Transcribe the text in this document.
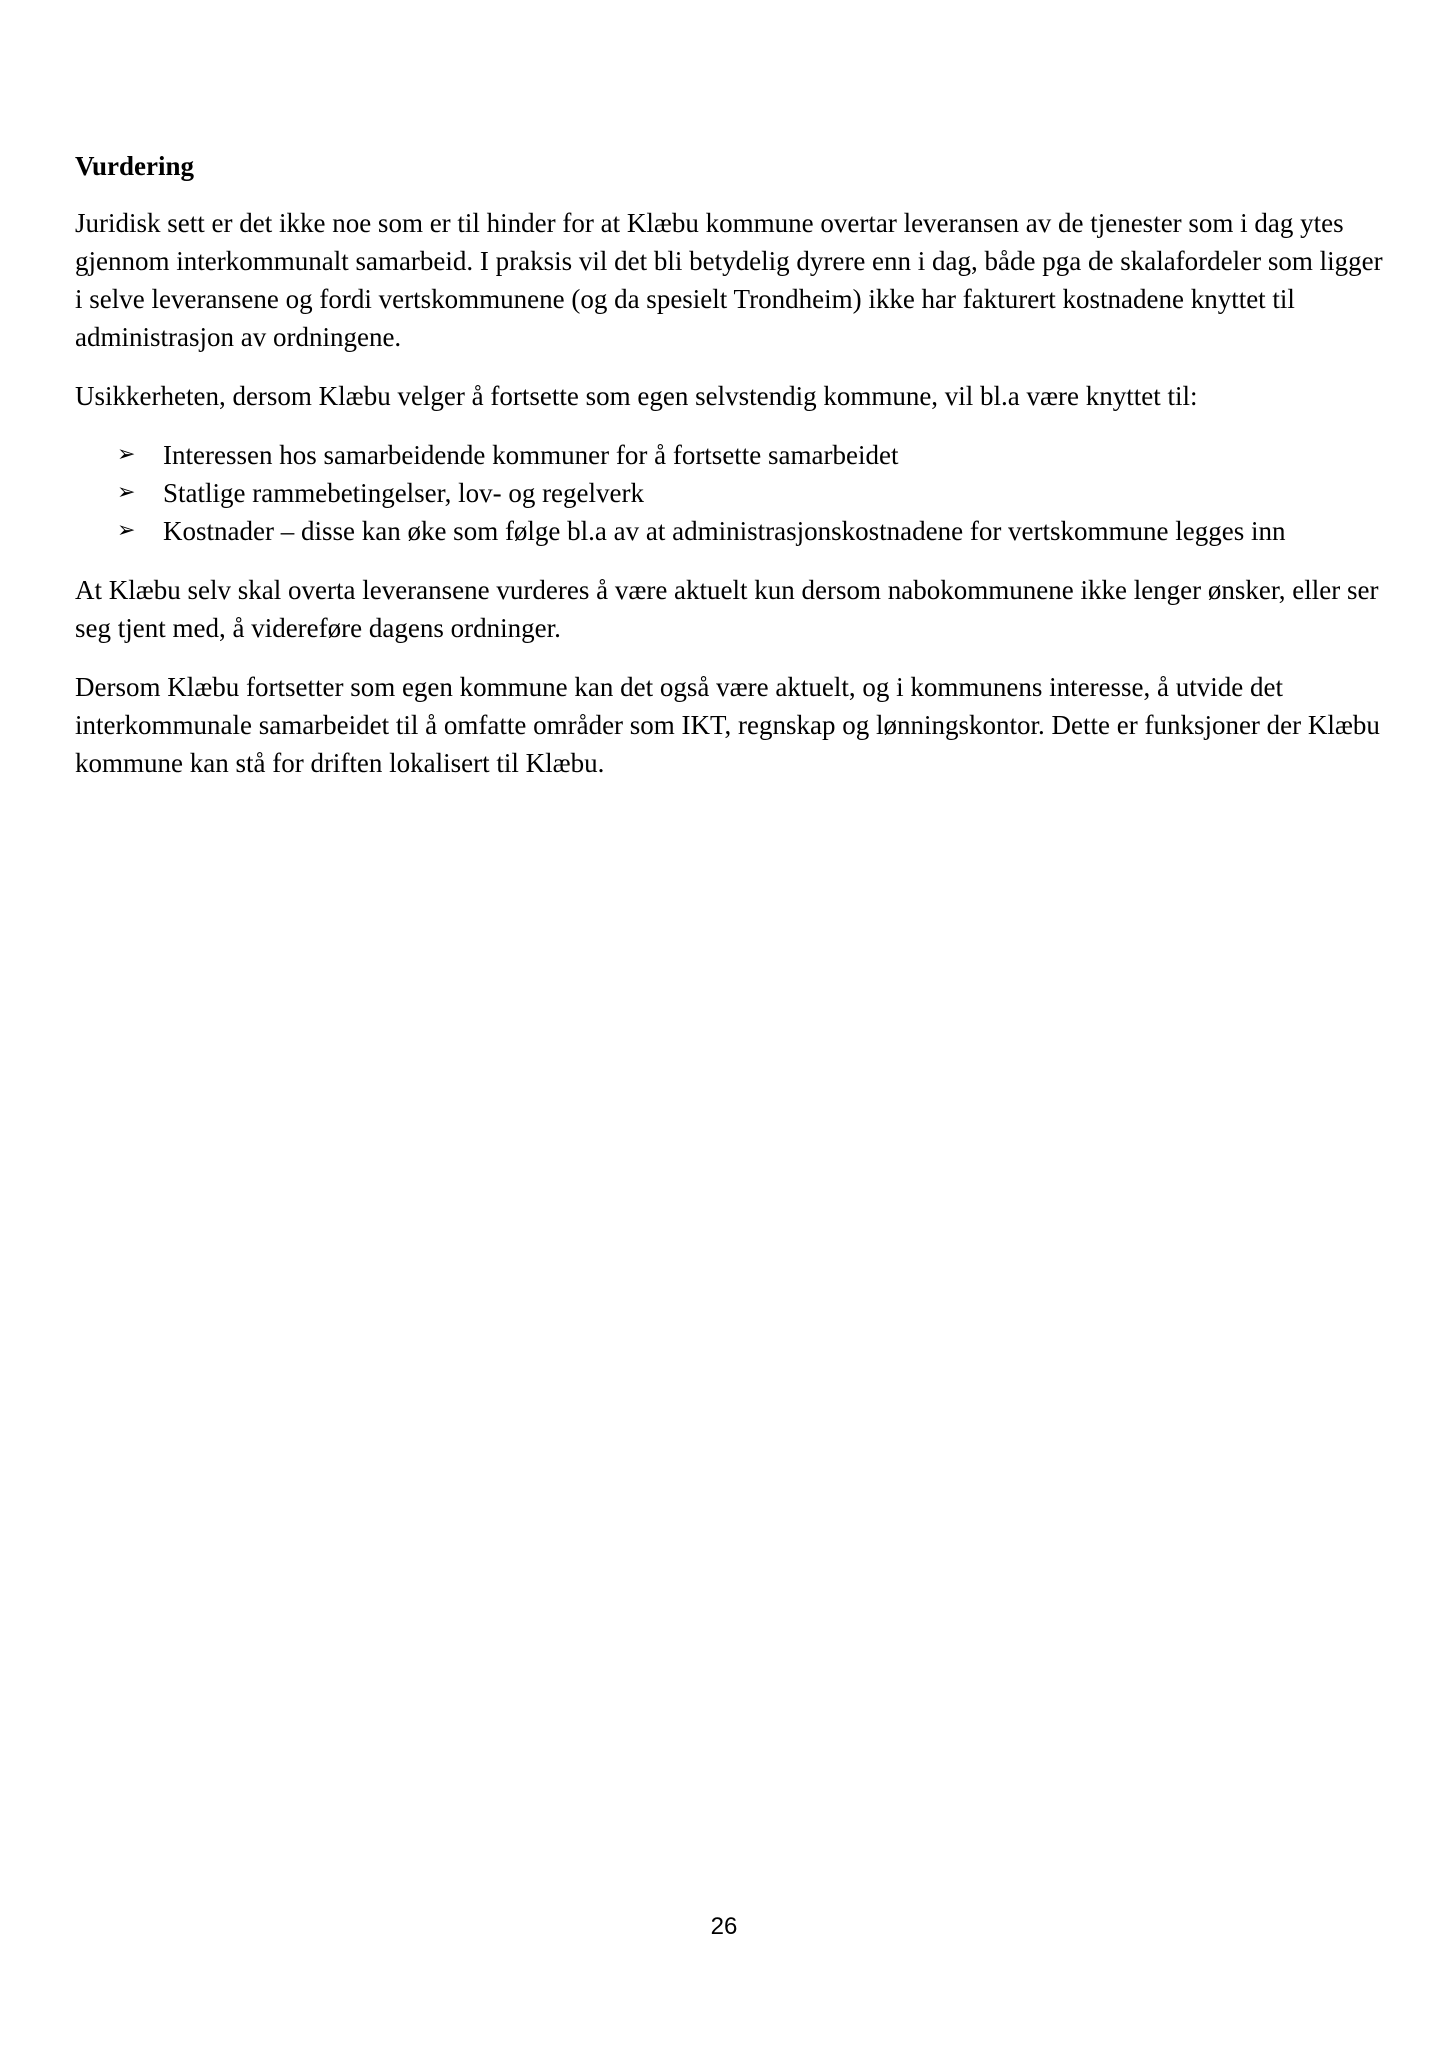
Vurdering

Juridisk sett er det ikke noe som er til hinder for at Klæbu kommune overtar leveransen av de tjenester som i dag ytes gjennom interkommunalt samarbeid. I praksis vil det bli betydelig dyrere enn i dag, både pga de skalafordeler som ligger i selve leveransene og fordi vertskommunene (og da spesielt Trondheim) ikke har fakturert kostnadene knyttet til administrasjon av ordningene.

Usikkerheten, dersom Klæbu velger å fortsette som egen selvstendig kommune, vil bl.a være knyttet til:

➢	Interessen hos samarbeidende kommuner for å fortsette samarbeidet
➢	Statlige rammebetingelser, lov- og regelverk
➢	Kostnader – disse kan øke som følge bl.a av at administrasjonskostnadene for vertskommune legges inn

At Klæbu selv skal overta leveransene vurderes å være aktuelt kun dersom nabokommunene ikke lenger ønsker, eller ser seg tjent med, å videreføre dagens ordninger.

Dersom Klæbu fortsetter som egen kommune kan det også være aktuelt, og i kommunens interesse, å utvide det interkommunale samarbeidet til å omfatte områder som IKT, regnskap og lønningskontor. Dette er funksjoner der Klæbu kommune kan stå for driften lokalisert til Klæbu.

26
